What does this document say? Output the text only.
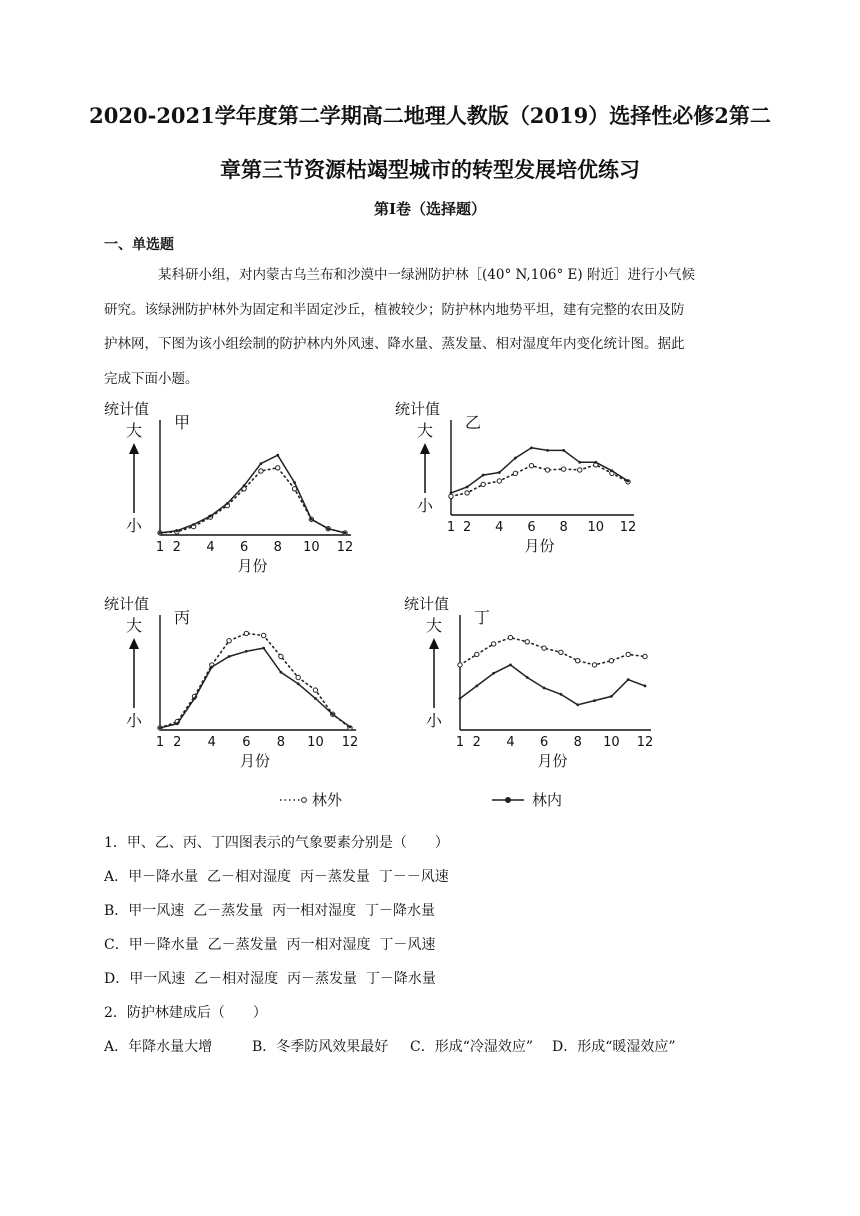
2020-2021学年度第二学期高二地理人教版（2019）选择性必修2第二
章第三节资源枯竭型城市的转型发展培优练习
第Ⅰ卷（选择题）
一、单选题
某科研小组，对内蒙古乌兰布和沙漠中一绿洲防护林［(40° N,106° E) 附近］进行小气候
研究。该绿洲防护林外为固定和半固定沙丘，植被较少；防护林内地势平坦，建有完整的农田及防
护林网，下图为该小组绘制的防护林内外风速、降水量、蒸发量、相对湿度年内变化统计图。据此
完成下面小题。
统计值
大
小
甲
1 2 4 6 8 10 12
月份
统计值
大
小
乙
1 2 4 6 8 10 12
月份
统计值
大
小
丙
1 2 4 6 8 10 12
月份
统计值
大
小
丁
1 2 4 6 8 10 12
月份
林外	林内
1．甲、乙、丙、丁四图表示的气象要素分别是（　　）
A．甲－降水量  乙－相对湿度  丙－蒸发量  丁－－风速
B．甲一风速  乙－蒸发量  丙一相对湿度  丁－降水量
C．甲－降水量  乙－蒸发量  丙一相对湿度  丁－风速
D．甲一风速  乙－相对湿度  丙－蒸发量  丁－降水量
2．防护林建成后（　　）
A．年降水量大增	B．冬季防风效果最好 C．形成“冷湿效应” D．形成“暖湿效应”
